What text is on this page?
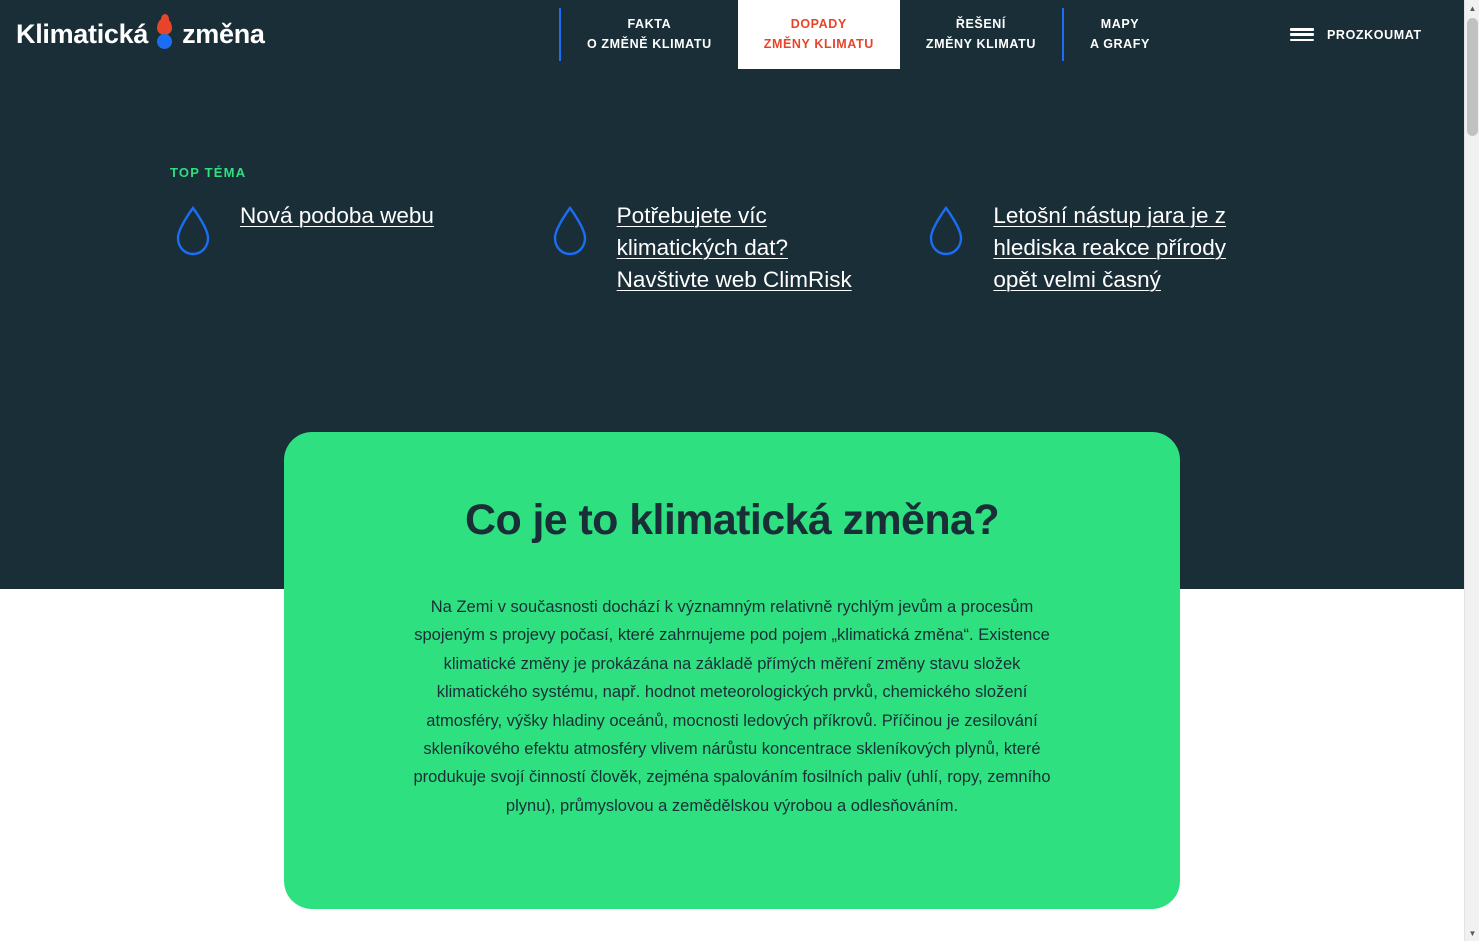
Klimatická změna	FAKTA
O ZMĚNĚ KLIMATU
DOPADY
ZMĚNY KLIMATU
ŘEŠENÍ
ZMĚNY KLIMATU
MAPY
A GRAFY
PROZKOUMAT
TOP TÉMA
Nová podoba webu	Potřebujete víc klimatických dat? Navštivte web ClimRisk
Letošní nástup jara je z hlediska reakce přírody opět velmi časný
Co je to klimatická změna?

Na Zemi v současnosti dochází k významným relativně rychlým jevům a procesům spojeným s projevy počasí, které zahrnujeme pod pojem „klimatická změna“. Existence klimatické změny je prokázána na základě přímých měření změny stavu složek klimatického systému, např. hodnot meteorologických prvků, chemického složení atmosféry, výšky hladiny oceánů, mocnosti ledových příkrovů. Příčinou je zesilování skleníkového efektu atmosféry vlivem nárůstu koncentrace skleníkových plynů, které produkuje svojí činností člověk, zejména spalováním fosilních paliv (uhlí, ropy, zemního plynu), průmyslovou a zemědělskou výrobou a odlesňováním.

▲
▼
